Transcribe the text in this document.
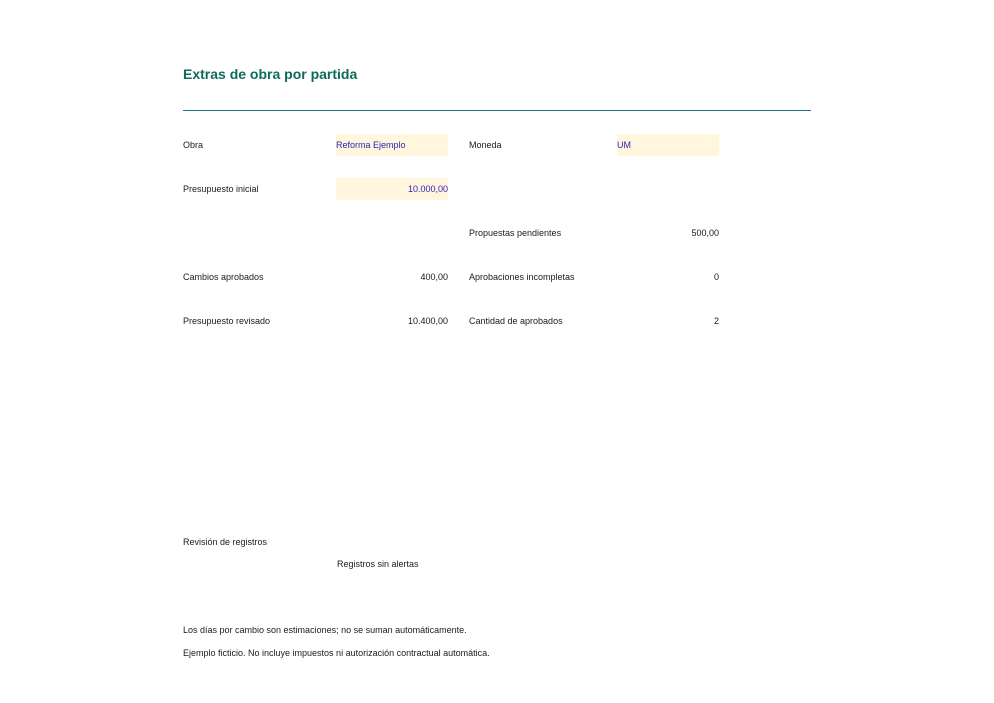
Extras de obra por partida
Obra	Reforma Ejemplo	Moneda	UM
Presupuesto inicial	10.000,00
Propuestas pendientes	500,00
Cambios aprobados	400,00 Aprobaciones incompletas	0
Presupuesto revisado	10.400,00 Cantidad de aprobados	2
Revisión de registros
Registros sin alertas
Los días por cambio son estimaciones; no se suman automáticamente.
Ejemplo ficticio. No incluye impuestos ni autorización contractual automática.
